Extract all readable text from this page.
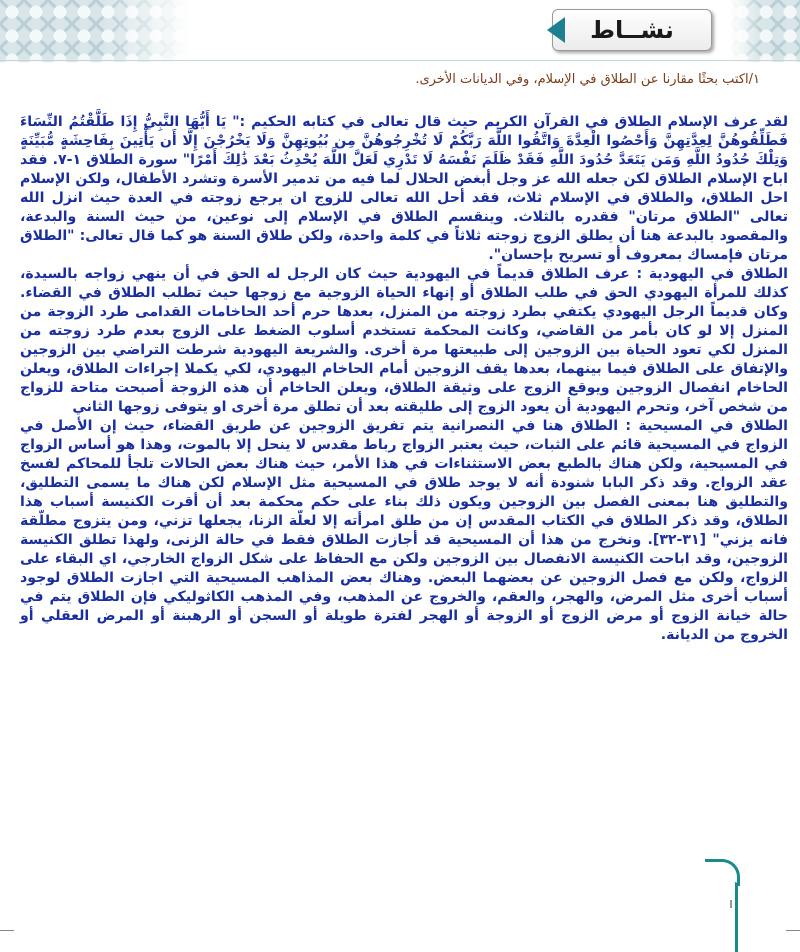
نشــاط
١/اكتب بحثًا مقارنا عن الطلاق في الإسلام، وفي الديانات الأخرى.

لقد عرف الإسلام الطلاق في القرآن الكريم حيث قال تعالى في كتابه الحكيم :" يَا أَيُّهَا النَّبِيُّ إِذَا طَلَّقْتُمُ النِّسَاءَ فَطَلِّقُوهُنَّ لِعِدَّتِهِنَّ وَأَحْصُوا الْعِدَّةَ وَاتَّقُوا اللَّهَ رَبَّكُمْ لَا تُخْرِجُوهُنَّ مِن بُيُوتِهِنَّ وَلَا يَخْرُجْنَ إِلَّا أَن يَأْتِينَ بِفَاحِشَةٍ مُّبَيِّنَةٍ وَتِلْكَ حُدُودُ اللَّهِ وَمَن يَتَعَدَّ حُدُودَ اللَّهِ فَقَدْ ظَلَمَ نَفْسَهُ لَا تَدْرِي لَعَلَّ اللَّهَ يُحْدِثُ بَعْدَ ذَٰلِكَ أَمْرًا" سورة الطلاق ١-٧. فقد اباح الإسلام الطلاق لكن جعله الله عز وجل أبغض الحلال لما فيه من تدمير الأسرة وتشرد الأطفال، ولكن الإسلام احل الطلاق، والطلاق في الإسلام ثلاث، فقد أحل الله تعالى للزوج ان يرجع زوجته في العدة حيث انزل الله تعالى "الطلاق مرتان" فقدره بالثلاث. وينقسم الطلاق في الإسلام إلى نوعين، من حيث السنة والبدعة، والمقصود بالبدعة هنا أن يطلق الزوج زوجته ثلاثاً في كلمة واحدة، ولكن طلاق السنة هو كما قال تعالى: "الطلاق مرتان فإمساك بمعروف أو تسريح بإحسان".

الطلاق في اليهودية : عرف الطلاق قديماً في اليهودية حيث كان الرجل له الحق في أن ينهي زواجه بالسيدة، كذلك للمرأة اليهودي الحق في طلب الطلاق أو إنهاء الحياة الزوجية مع زوجها حيث تطلب الطلاق في القضاء. وكان قديماً الرجل اليهودي يكتفي بطرد زوجته من المنزل، بعدها حرم أحد الحاخامات القدامى طرد الزوجة من المنزل إلا لو كان بأمر من القاضي، وكانت المحكمة تستخدم أسلوب الضغط على الزوج بعدم طرد زوجته من المنزل لكي تعود الحياة بين الزوجين إلى طبيعتها مرة أخرى. والشريعة اليهودية شرطت التراضي بين الزوجين والإتفاق على الطلاق فيما بينهما، بعدها يقف الزوجين أمام الحاخام اليهودي، لكي يكملا إجراءات الطلاق، ويعلن الحاخام انفصال الزوجين ويوقع الزوج على وثيقة الطلاق، ويعلن الحاخام أن هذه الزوجة أصبحت متاحة للزواج من شخص آخر، وتحرم اليهودية أن يعود الزوج إلى طليقته بعد أن تطلق مرة أخرى او يتوفى زوجها الثاني

الطلاق في المسيحية : الطلاق هنا في النصرانية يتم تفريق الزوجين عن طريق القضاء، حيث إن الأصل في الزواج في المسيحية قائم على الثبات، حيث يعتبر الزواج رباط مقدس لا ينحل إلا بالموت، وهذا هو أساس الزواج في المسيحية، ولكن هناك بالطبع بعض الاستثناءات في هذا الأمر، حيث هناك بعض الحالات تلجأ للمحاكم لفسخ عقد الزواج. وقد ذكر البابا شنودة أنه لا يوجد طلاق في المسيحية مثل الإسلام لكن هناك ما يسمى التطليق، والتطليق هنا بمعنى الفصل بين الزوجين ويكون ذلك بناء على حكم محكمة بعد أن أقرت الكنيسة أسباب هذا الطلاق، وقد ذكر الطلاق في الكتاب المقدس إن من طلق امرأته إلا لعلّة الزنا، يجعلها تزني، ومن يتزوج مطلّقة فانه يزني" [٣١-٣٢]. ونخرج من هذا أن المسيحية قد أجازت الطلاق فقط في حالة الزنى، ولهذا تطلق الكنيسة الزوجين، وقد اباحت الكنيسة الانفصال بين الزوجين ولكن مع الحفاظ على شكل الزواج الخارجي، اي البقاء على الزواج، ولكن مع فصل الزوجين عن بعضهما البعض. وهناك بعض المذاهب المسيحية التي اجازت الطلاق لوجود أسباب أخرى مثل المرض، والهجر، والعقم، والخروج عن المذهب، وفي المذهب الكاثوليكي فإن الطلاق يتم في حالة خيانة الزوج أو مرض الزوج أو الزوجة أو الهجر لفترة طويلة أو السجن أو الرهبنة أو المرض العقلي أو الخروج من الديانة.
